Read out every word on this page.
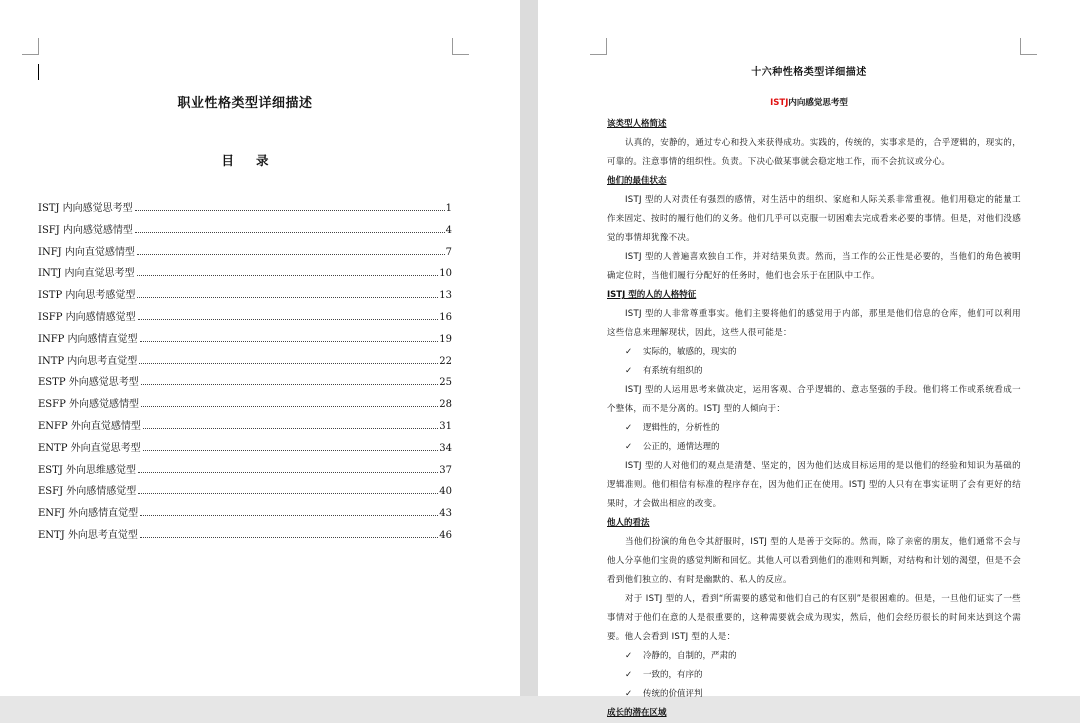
职业性格类型详细描述
目录
ISTJ 内向感觉思考型	1
ISFJ 内向感觉感情型	4
INFJ 内向直觉感情型	7
INTJ 内向直觉思考型	10
ISTP 内向思考感觉型	13
ISFP 内向感情感觉型	16
INFP 内向感情直觉型	19
INTP 内向思考直觉型	22
ESTP 外向感觉思考型	25
ESFP 外向感觉感情型	28
ENFP 外向直觉感情型	31
ENTP 外向直觉思考型	34
ESTJ 外向思维感觉型	37
ESFJ 外向感情感觉型	40
ENFJ 外向感情直觉型	43
ENTJ 外向思考直觉型	46
十六种性格类型详细描述
ISTJ内向感觉思考型
该类型人格简述
认真的，安静的，通过专心和投入来获得成功。实践的，传统的，实事求是的，合乎逻辑的，现实的，可靠的。注意事情的组织性。负责。下决心做某事就会稳定地工作，而不会抗议或分心。
他们的最佳状态
ISTJ 型的人对责任有强烈的感情，对生活中的组织、家庭和人际关系非常重视。他们用稳定的能量工作来固定、按时的履行他们的义务。他们几乎可以克服一切困难去完成看来必要的事情。但是，对他们没感觉的事情却犹豫不决。
ISTJ 型的人普遍喜欢独自工作，并对结果负责。然而，当工作的公正性是必要的，当他们的角色被明确定位时，当他们履行分配好的任务时，他们也会乐于在团队中工作。
ISTJ 型的人的人格特征
ISTJ 型的人非常尊重事实。他们主要将他们的感觉用于内部，那里是他们信息的仓库，他们可以利用这些信息来理解现状，因此，这些人很可能是：
✓ 实际的，敏感的，现实的
✓ 有系统有组织的
ISTJ 型的人运用思考来做决定，运用客观、合乎逻辑的、意志坚强的手段。他们将工作或系统看成一个整体，而不是分离的。ISTJ 型的人倾向于：
✓ 逻辑性的，分析性的
✓ 公正的，通情达理的
ISTJ 型的人对他们的观点是清楚、坚定的，因为他们达成目标运用的是以他们的经验和知识为基础的逻辑准则。他们相信有标准的程序存在，因为他们正在使用。ISTJ 型的人只有在事实证明了会有更好的结果时，才会做出相应的改变。
他人的看法
当他们扮演的角色令其舒服时，ISTJ 型的人是善于交际的。然而，除了亲密的朋友，他们通常不会与他人分享他们宝贵的感觉判断和回忆。其他人可以看到他们的准则和判断，对结构和计划的渴望，但是不会看到他们独立的、有时是幽默的、私人的反应。
对于 ISTJ 型的人，看到“所需要的感觉和他们自己的有区别”是很困难的。但是，一旦他们证实了一些事情对于他们在意的人是很重要的，这种需要就会成为现实，然后，他们会经历很长的时间来达到这个需要。他人会看到 ISTJ 型的人是：
✓ 冷静的，自制的，严肃的
✓ 一致的，有序的
✓ 传统的价值评判
成长的潜在区域
